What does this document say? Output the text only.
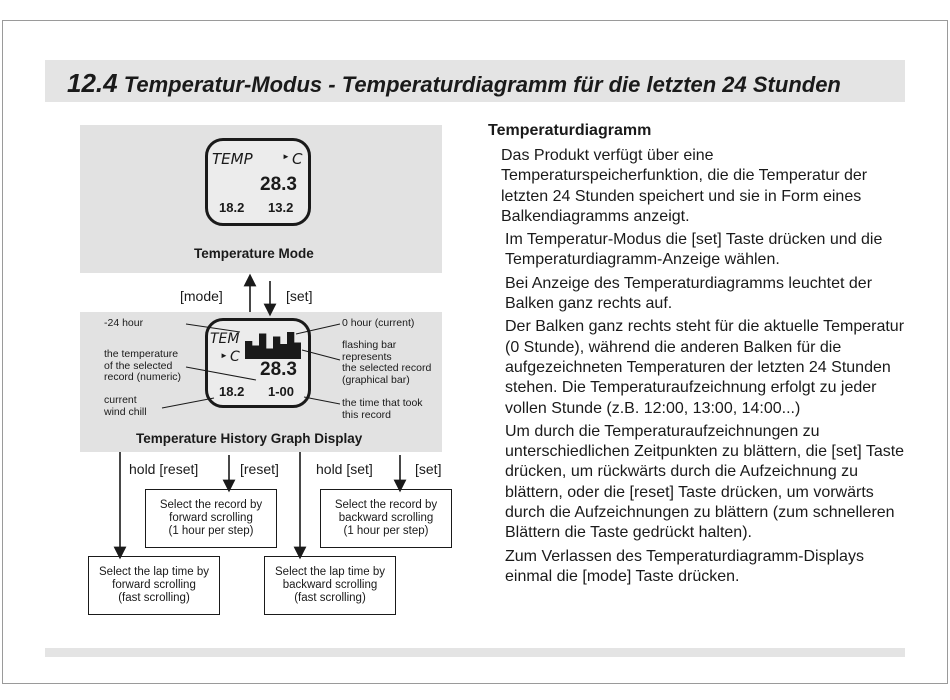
12.4 Temperatur-Modus - Temperaturdiagramm für die letzten 24 Stunden
TEMP	► C
28.3
18.2 13.2
Temperature Mode
[mode]	[set]
TEM
► C
28.3
18.2 1-00
Temperature History Graph Display
-24 hour
the temperature
of the selected
record (numeric)
current
wind chill
0 hour (current)
flashing bar
represents
the selected record
(graphical bar)
the time that took
this record
hold [reset]	[reset]	hold [set]	[set]
Select the record by
forward scrolling
(1 hour per step)
Select the record by
backward scrolling
(1 hour per step)
Select the lap time by
forward scrolling
(fast scrolling)
Select the lap time by
backward scrolling
(fast scrolling)
Temperaturdiagramm
Das Produkt verfügt über eine Temperaturspeicherfunktion, die die Temperatur der letzten 24 Stunden speichert und sie in Form eines Balkendiagramms anzeigt.
Im Temperatur-Modus die [set] Taste drücken und die Temperaturdiagramm-Anzeige wählen.
Bei Anzeige des Temperaturdiagramms leuchtet der Balken ganz rechts auf.
Der Balken ganz rechts steht für die aktuelle Temperatur (0 Stunde), während die anderen Balken für die aufgezeichneten Temperaturen der letzten 24 Stunden stehen. Die Temperaturaufzeichnung erfolgt zu jeder vollen Stunde (z.B. 12:00, 13:00, 14:00...)
Um durch die Temperaturaufzeichnungen zu unterschiedlichen Zeitpunkten zu blättern, die [set] Taste drücken, um rückwärts durch die Aufzeichnung zu blättern, oder die [reset] Taste drücken, um vorwärts durch die Aufzeichnungen zu blättern (zum schnelleren Blättern die Taste gedrückt halten).
Zum Verlassen des Temperaturdiagramm-Displays einmal die [mode] Taste drücken.
